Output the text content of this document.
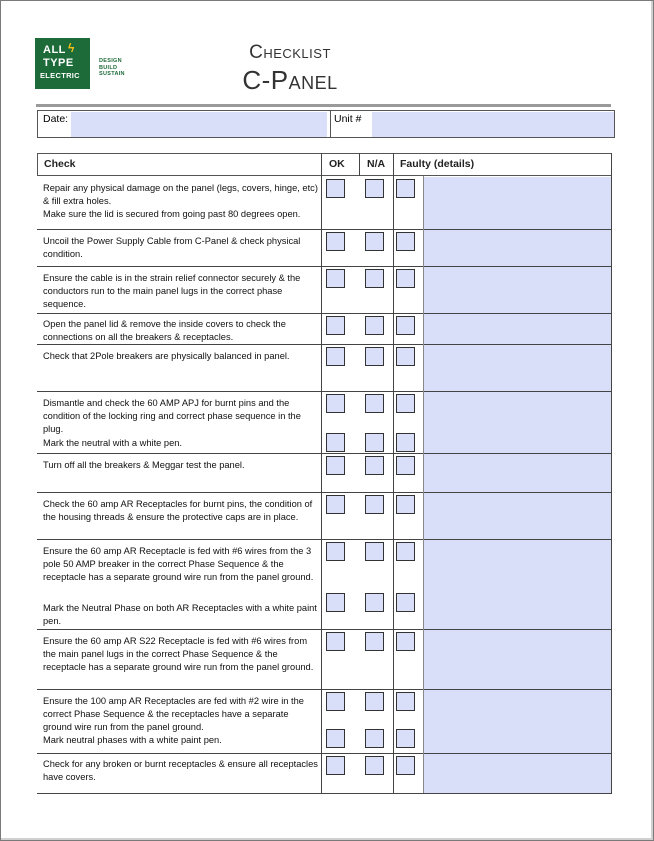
ALL ϟ
TYPE
ELECTRIC
DESIGN
BUILD
SUSTAIN
Checklist
C-Panel
Date:	Unit #
Check	OK N/A Faulty (details)
Repair any physical damage on the panel (legs, covers, hinge, etc) & fill extra holes.
Make sure the lid is secured from going past 80 degrees open.
Uncoil the Power Supply Cable from C-Panel & check physical condition.
Ensure the cable is in the strain relief connector securely & the conductors run to the main panel lugs in the correct phase sequence.
Open the panel lid & remove the inside covers to check the connections on all the breakers & receptacles.
Check that 2Pole breakers are physically balanced in panel.
Dismantle and check the 60 AMP APJ for burnt pins and the condition of the locking ring and correct phase sequence in the plug.
Mark the neutral with a white pen.
Turn off all the breakers & Meggar test the panel.
Check the 60 amp AR Receptacles for burnt pins, the condition of the housing threads & ensure the protective caps are in place.
Ensure the 60 amp AR Receptacle is fed with #6 wires from the 3 pole 50 AMP breaker in the correct Phase Sequence & the receptacle has a separate ground wire run from the panel ground.
Mark the Neutral Phase on both AR Receptacles with a white paint pen.
Ensure the 60 amp AR S22 Receptacle is fed with #6 wires from the main panel lugs in the correct Phase Sequence & the receptacle has a separate ground wire run from the panel ground.
Ensure the 100 amp AR Receptacles are fed with #2 wire in the correct Phase Sequence & the receptacles have a separate ground wire run from the panel ground.
Mark neutral phases with a white paint pen.
Check for any broken or burnt receptacles & ensure all receptacles have covers.
